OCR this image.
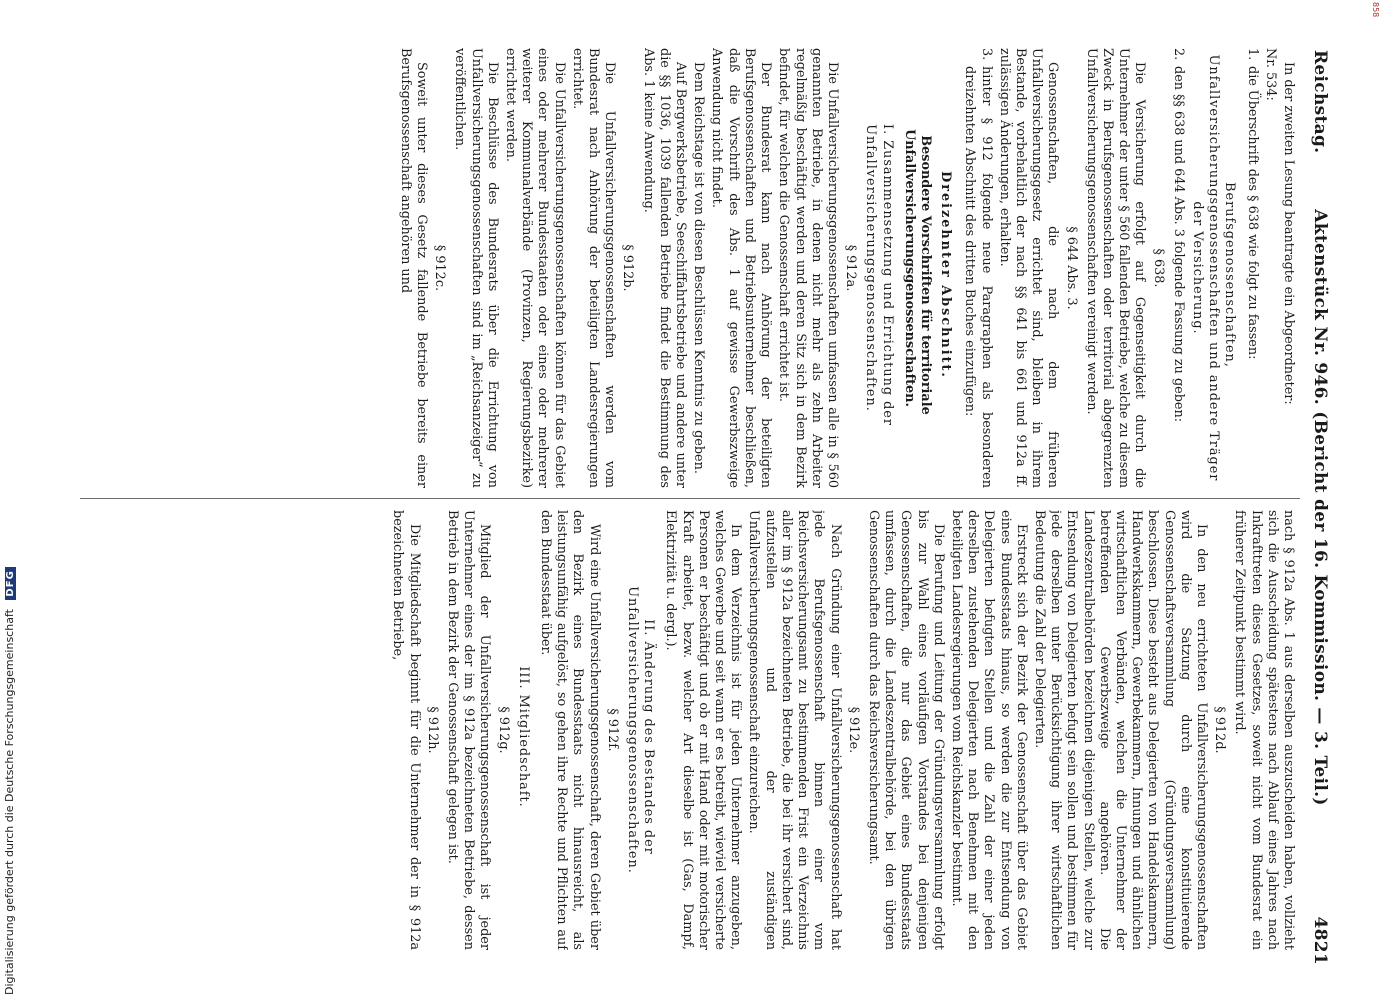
Reichstag.
Aktenstück Nr. 946. (Bericht der 16. Kommission. — 3. Teil.)
4821

In der zweiten Lesung beantragte ein Abgeordneter:

Nr. 534:

1.
die Überschrift des § 638 wie folgt zu fassen:

Berufsgenossenschaften, Unfallversicherungsgenossenschaften und andere Träger der Versicherung.

2.
den §§ 638 und 644 Abs. 3 folgende Fassung zu geben:

§ 638.

Die Versicherung erfolgt auf Gegenseitigkeit durch die Unternehmer der unter § 560 fallenden Betriebe, welche zu diesem Zweck in Berufsgenossenschaften oder territorial abgegrenzten Unfallversicherungsgenossenschaften vereinigt werden.

§ 644 Abs. 3.

Genossenschaften, die nach dem früheren Unfallversicherungsgesetz errichtet sind, bleiben in ihrem Bestande, vorbehaltlich der nach §§ 641 bis 661 und 912a ff. zulässigen Änderungen, erhalten.

3.
hinter § 912 folgende neue Paragraphen als besonderen dreizehnten Abschnitt des dritten Buches einzufügen:

Dreizehnter Abschnitt.

Besondere Vorschriften für territoriale Unfallversicherungsgenossenschaften.

I. Zusammensetzung und Errichtung der Unfallversicherungsgenossenschaften.

§ 912a.

Die Unfallversicherungsgenossenschaften umfassen alle in § 560 genannten Betriebe, in denen nicht mehr als zehn Arbeiter regelmäßig beschäftigt werden und deren Sitz sich in dem Bezirk befindet, für welchen die Genossenschaft errichtet ist.

Der Bundesrat kann nach Anhörung der beteiligten Berufsgenossenschaften und Betriebsunternehmer beschließen, daß die Vorschrift des Abs. 1 auf gewisse Gewerbszweige Anwendung nicht findet.

Dem Reichstage ist von diesen Beschlüssen Kenntnis zu geben.

Auf Bergwerksbetriebe, Seeschiffahrtsbetriebe und andere unter die §§ 1036, 1039 fallenden Betriebe findet die Bestimmung des Abs. 1 keine Anwendung.

§ 912b.

Die Unfallversicherungsgenossenschaften werden vom Bundesrat nach Anhörung der beteiligten Landesregierungen errichtet.

Die Unfallversicherungsgenossenschaften können für das Gebiet eines oder mehrerer Bundesstaaten oder eines oder mehrerer weiterer Kommunalverbände (Provinzen, Regierungsbezirke) errichtet werden.

Die Beschlüsse des Bundesrats über die Errichtung von Unfallversicherungsgenossenschaften sind im „Reichsanzeiger“ zu veröffentlichen.

§ 912c.

Soweit unter dieses Gesetz fallende Betriebe bereits einer Berufsgenossenschaft angehören und

nach § 912a Abs. 1 aus derselben auszuscheiden haben, vollzieht sich die Ausscheidung spätestens nach Ablauf eines Jahres nach Inkrafttreten dieses Gesetzes, soweit nicht vom Bundesrat ein früherer Zeitpunkt bestimmt wird.

§ 912d.

In den neu errichteten Unfallversicherungsgenossenschaften wird die Satzung durch eine konstituierende Genossenschaftsversammlung (Gründungsversammlung) beschlossen. Diese besteht aus Delegierten von Handelskammern, Handwerkskammern, Gewerbekammern, Innungen und ähnlichen wirtschaftlichen Verbänden, welchen die Unternehmer der betreffenden Gewerbszweige angehören. Die Landeszentralbehörden bezeichnen diejenigen Stellen, welche zur Entsendung von Delegierten befugt sein sollen und bestimmen für jede derselben unter Berücksichtigung ihrer wirtschaftlichen Bedeutung die Zahl der Delegierten.

Erstreckt sich der Bezirk der Genossenschaft über das Gebiet eines Bundesstaats hinaus, so werden die zur Entsendung von Delegierten befugten Stellen und die Zahl der einer jeden derselben zustehenden Delegierten nach Benehmen mit den beteiligten Landesregierungen vom Reichskanzler bestimmt.

Die Berufung und Leitung der Gründungsversammlung erfolgt bis zur Wahl eines vorläufigen Vorstandes bei denjenigen Genossenschaften, die nur das Gebiet eines Bundesstaats umfassen, durch die Landeszentralbehörde, bei den übrigen Genossenschaften durch das Reichsversicherungsamt.

§ 912e.

Nach Gründung einer Unfallversicherungsgenossenschaft hat jede Berufsgenossenschaft binnen einer vom Reichsversicherungsamt zu bestimmenden Frist ein Verzeichnis aller im § 912a bezeichneten Betriebe, die bei ihr versichert sind, aufzustellen und der zuständigen Unfallversicherungsgenossenschaft einzureichen.

In dem Verzeichnis ist für jeden Unternehmer anzugeben, welches Gewerbe und seit wann er es betreibt, wieviel versicherte Personen er beschäftigt und ob er mit Hand oder mit motorischer Kraft arbeitet, bezw. welcher Art dieselbe ist (Gas, Dampf, Elektrizität u. dergl.).

II. Änderung des Bestandes der Unfallversicherungsgenossenschaften.

§ 912f.

Wird eine Unfallversicherungsgenossenschaft, deren Gebiet über den Bezirk eines Bundesstaats nicht hinausreicht, als leistungsunfähig aufgelöst, so gehen ihre Rechte und Pflichten auf den Bundesstaat über.

III. Mitgliedschaft.

§ 912g.

Mitglied der Unfallversicherungsgenossenschaft ist jeder Unternehmer eines der im § 912a bezeichneten Betriebe, dessen Betrieb in dem Bezirk der Genossenschaft gelegen ist.

§ 912h.

Die Mitgliedschaft beginnt für die Unternehmer der in § 912a bezeichneten Betriebe,

Digitalisierung gefördert durch die Deutsche Forschungsgemeinschaft DFG
858
